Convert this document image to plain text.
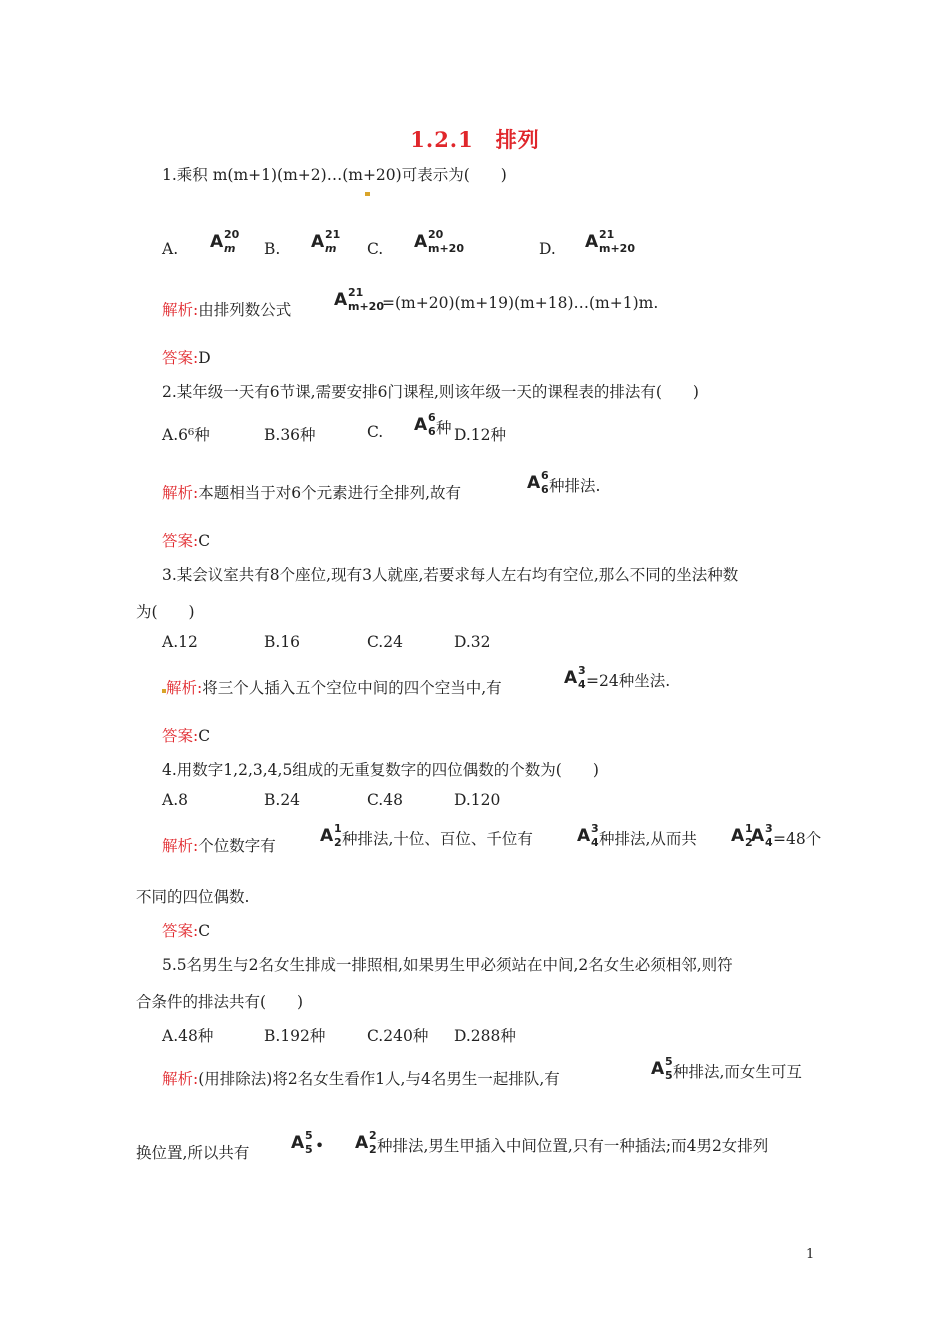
1.2.1　排列
1.乘积 m(m+1)(m+2)…(m+20)可表示为(　　)
A. A 20
m B. A 21
m C. A 20
m+20	D. A 21
m+20
解析:由排列数公式	A 21
m+20
=(m+20)(m+19)(m+18)…(m+1)m.
答案:D
2.某年级一天有6节课,需要安排6门课程,则该年级一天的课程表的排法有(　　)
A.6⁶种	B.36种	C. A 6
6 种 D.12种
解析:本题相当于对6个元素进行全排列,故有	A 6
6 种排法.
答案:C
3.某会议室共有8个座位,现有3人就座,若要求每人左右均有空位,那么不同的坐法种数
为(　　)
A.12	B.16	C.24	D.32
解析:将三个人插入五个空位中间的四个空当中,有	A 3
4 =24种坐法.
答案:C
4.用数字1,2,3,4,5组成的无重复数字的四位偶数的个数为(　　)
A.8	B.24	C.48	D.120
解析:个位数字有	A 1
2 种排法,十位、百位、千位有	A 3
4 种排法,从而共 A 1
2
A 3
4 =48个
不同的四位偶数.
答案:C
5.5名男生与2名女生排成一排照相,如果男生甲必须站在中间,2名女生必须相邻,则符
合条件的排法共有(　　)
A.48种	B.192种	C.240种 D.288种
解析:(用排除法)将2名女生看作1人,与4名男生一起排队,有	A 5
5 种排法,而女生可互
换位置,所以共有 A 5
5 • A 2
2 种排法,男生甲插入中间位置,只有一种插法;而4男2女排列
1
